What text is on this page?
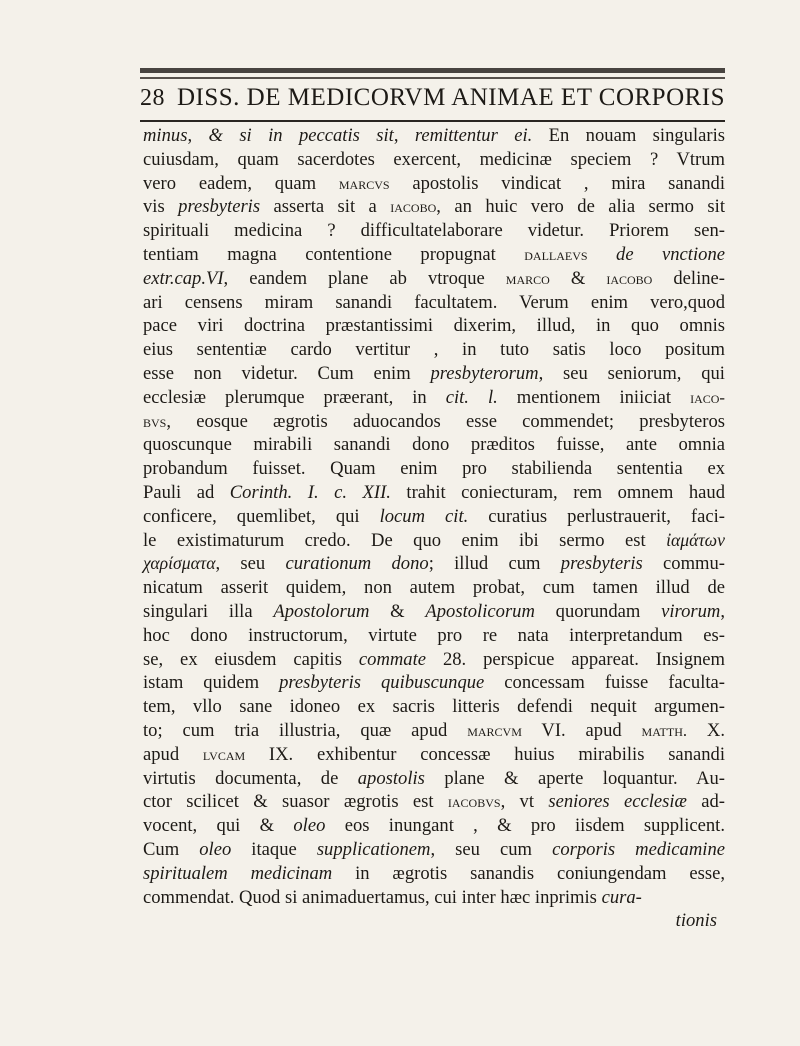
28 DISS. DE MEDICORVM ANIMAE ET CORPORIS
minus, & si in peccatis sit, remittentur ei. En nouam singularis
cuiusdam, quam sacerdotes exercent, medicinæ speciem ? Vtrum
vero eadem, quam marcvs apostolis vindicat , mira sanandi
vis presbyteris asserta sit a iacobo, an huic vero de alia sermo sit
spirituali medicina ? difficultatelaborare videtur. Priorem sen-
tentiam magna contentione propugnat dallaevs de vnctione
extr.cap.VI, eandem plane ab vtroque marco & iacobo deline-
ari censens miram sanandi facultatem. Verum enim vero,quod
pace viri doctrina præstantissimi dixerim, illud, in quo omnis
eius sententiæ cardo vertitur , in tuto satis loco positum
esse non videtur. Cum enim presbyterorum, seu seniorum, qui
ecclesiæ plerumque præerant, in cit. l. mentionem iniiciat iaco-
bvs, eosque ægrotis aduocandos esse commendet; presbyteros
quoscunque mirabili sanandi dono præditos fuisse, ante omnia
probandum fuisset. Quam enim pro stabilienda sententia ex
Pauli ad Corinth. I. c. XII. trahit coniecturam, rem omnem haud
conficere, quemlibet, qui locum cit. curatius perlustrauerit, faci-
le existimaturum credo. De quo enim ibi sermo est ἰαμάτων
χαρίσματα, seu curationum dono; illud cum presbyteris commu-
nicatum asserit quidem, non autem probat, cum tamen illud de
singulari illa Apostolorum & Apostolicorum quorundam virorum,
hoc dono instructorum, virtute pro re nata interpretandum es-
se, ex eiusdem capitis commate 28. perspicue appareat. Insignem
istam quidem presbyteris quibuscunque concessam fuisse faculta-
tem, vllo sane idoneo ex sacris litteris defendi nequit argumen-
to; cum tria illustria, quæ apud marcvm VI. apud matth. X.
apud lvcam IX. exhibentur concessæ huius mirabilis sanandi
virtutis documenta, de apostolis plane & aperte loquantur. Au-
ctor scilicet & suasor ægrotis est iacobvs, vt seniores ecclesiæ ad-
vocent, qui & oleo eos inungant , & pro iisdem supplicent.
Cum oleo itaque supplicationem, seu cum corporis medicamine
spiritualem medicinam in ægrotis sanandis coniungendam esse,
commendat. Quod si animaduertamus, cui inter hæc inprimis cura-
tionis
